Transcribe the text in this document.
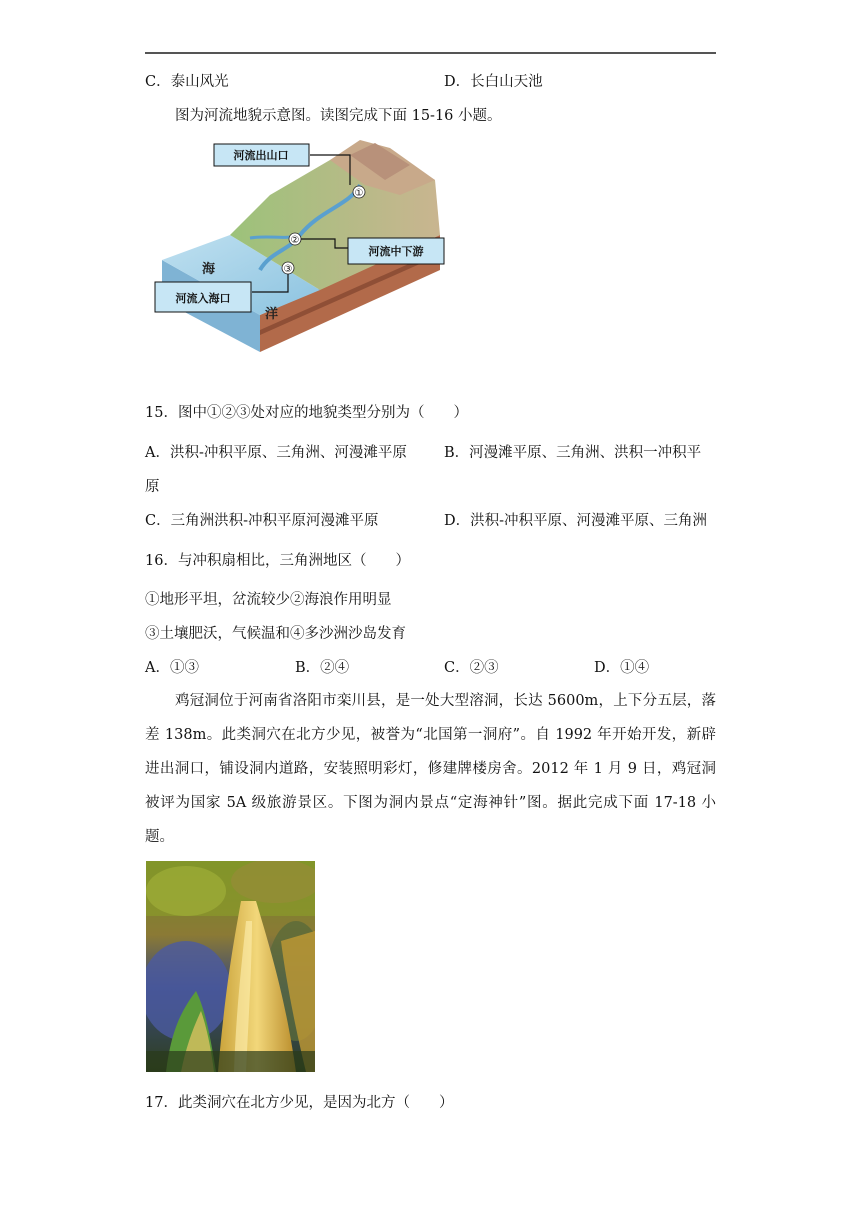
C．泰山风光	D．长白山天池
图为河流地貌示意图。读图完成下面 15-16 小题。
①
②
③
河流出山口
河流中下游
河流入海口
海
洋
15．图中①②③处对应的地貌类型分别为（　　）
A．洪积-冲积平原、三角洲、河漫滩平原	B．河漫滩平原、三角洲、洪积一冲积平
原
C．三角洲洪积-冲积平原河漫滩平原	D．洪积-冲积平原、河漫滩平原、三角洲
16．与冲积扇相比，三角洲地区（　　）
①地形平坦，岔流较少②海浪作用明显
③土壤肥沃，气候温和④多沙洲沙岛发育
A．①③	B．②④	C．②③	D．①④
鸡冠洞位于河南省洛阳市栾川县，是一处大型溶洞，长达 5600m，上下分五层，落
差 138m。此类洞穴在北方少见，被誉为“北国第一洞府”。自 1992 年开始开发，新辟
进出洞口，铺设洞内道路，安装照明彩灯，修建牌楼房舍。2012 年 1 月 9 日，鸡冠洞
被评为国家 5A 级旅游景区。下图为洞内景点“定海神针”图。据此完成下面 17-18 小
题。
17．此类洞穴在北方少见，是因为北方（　　）
